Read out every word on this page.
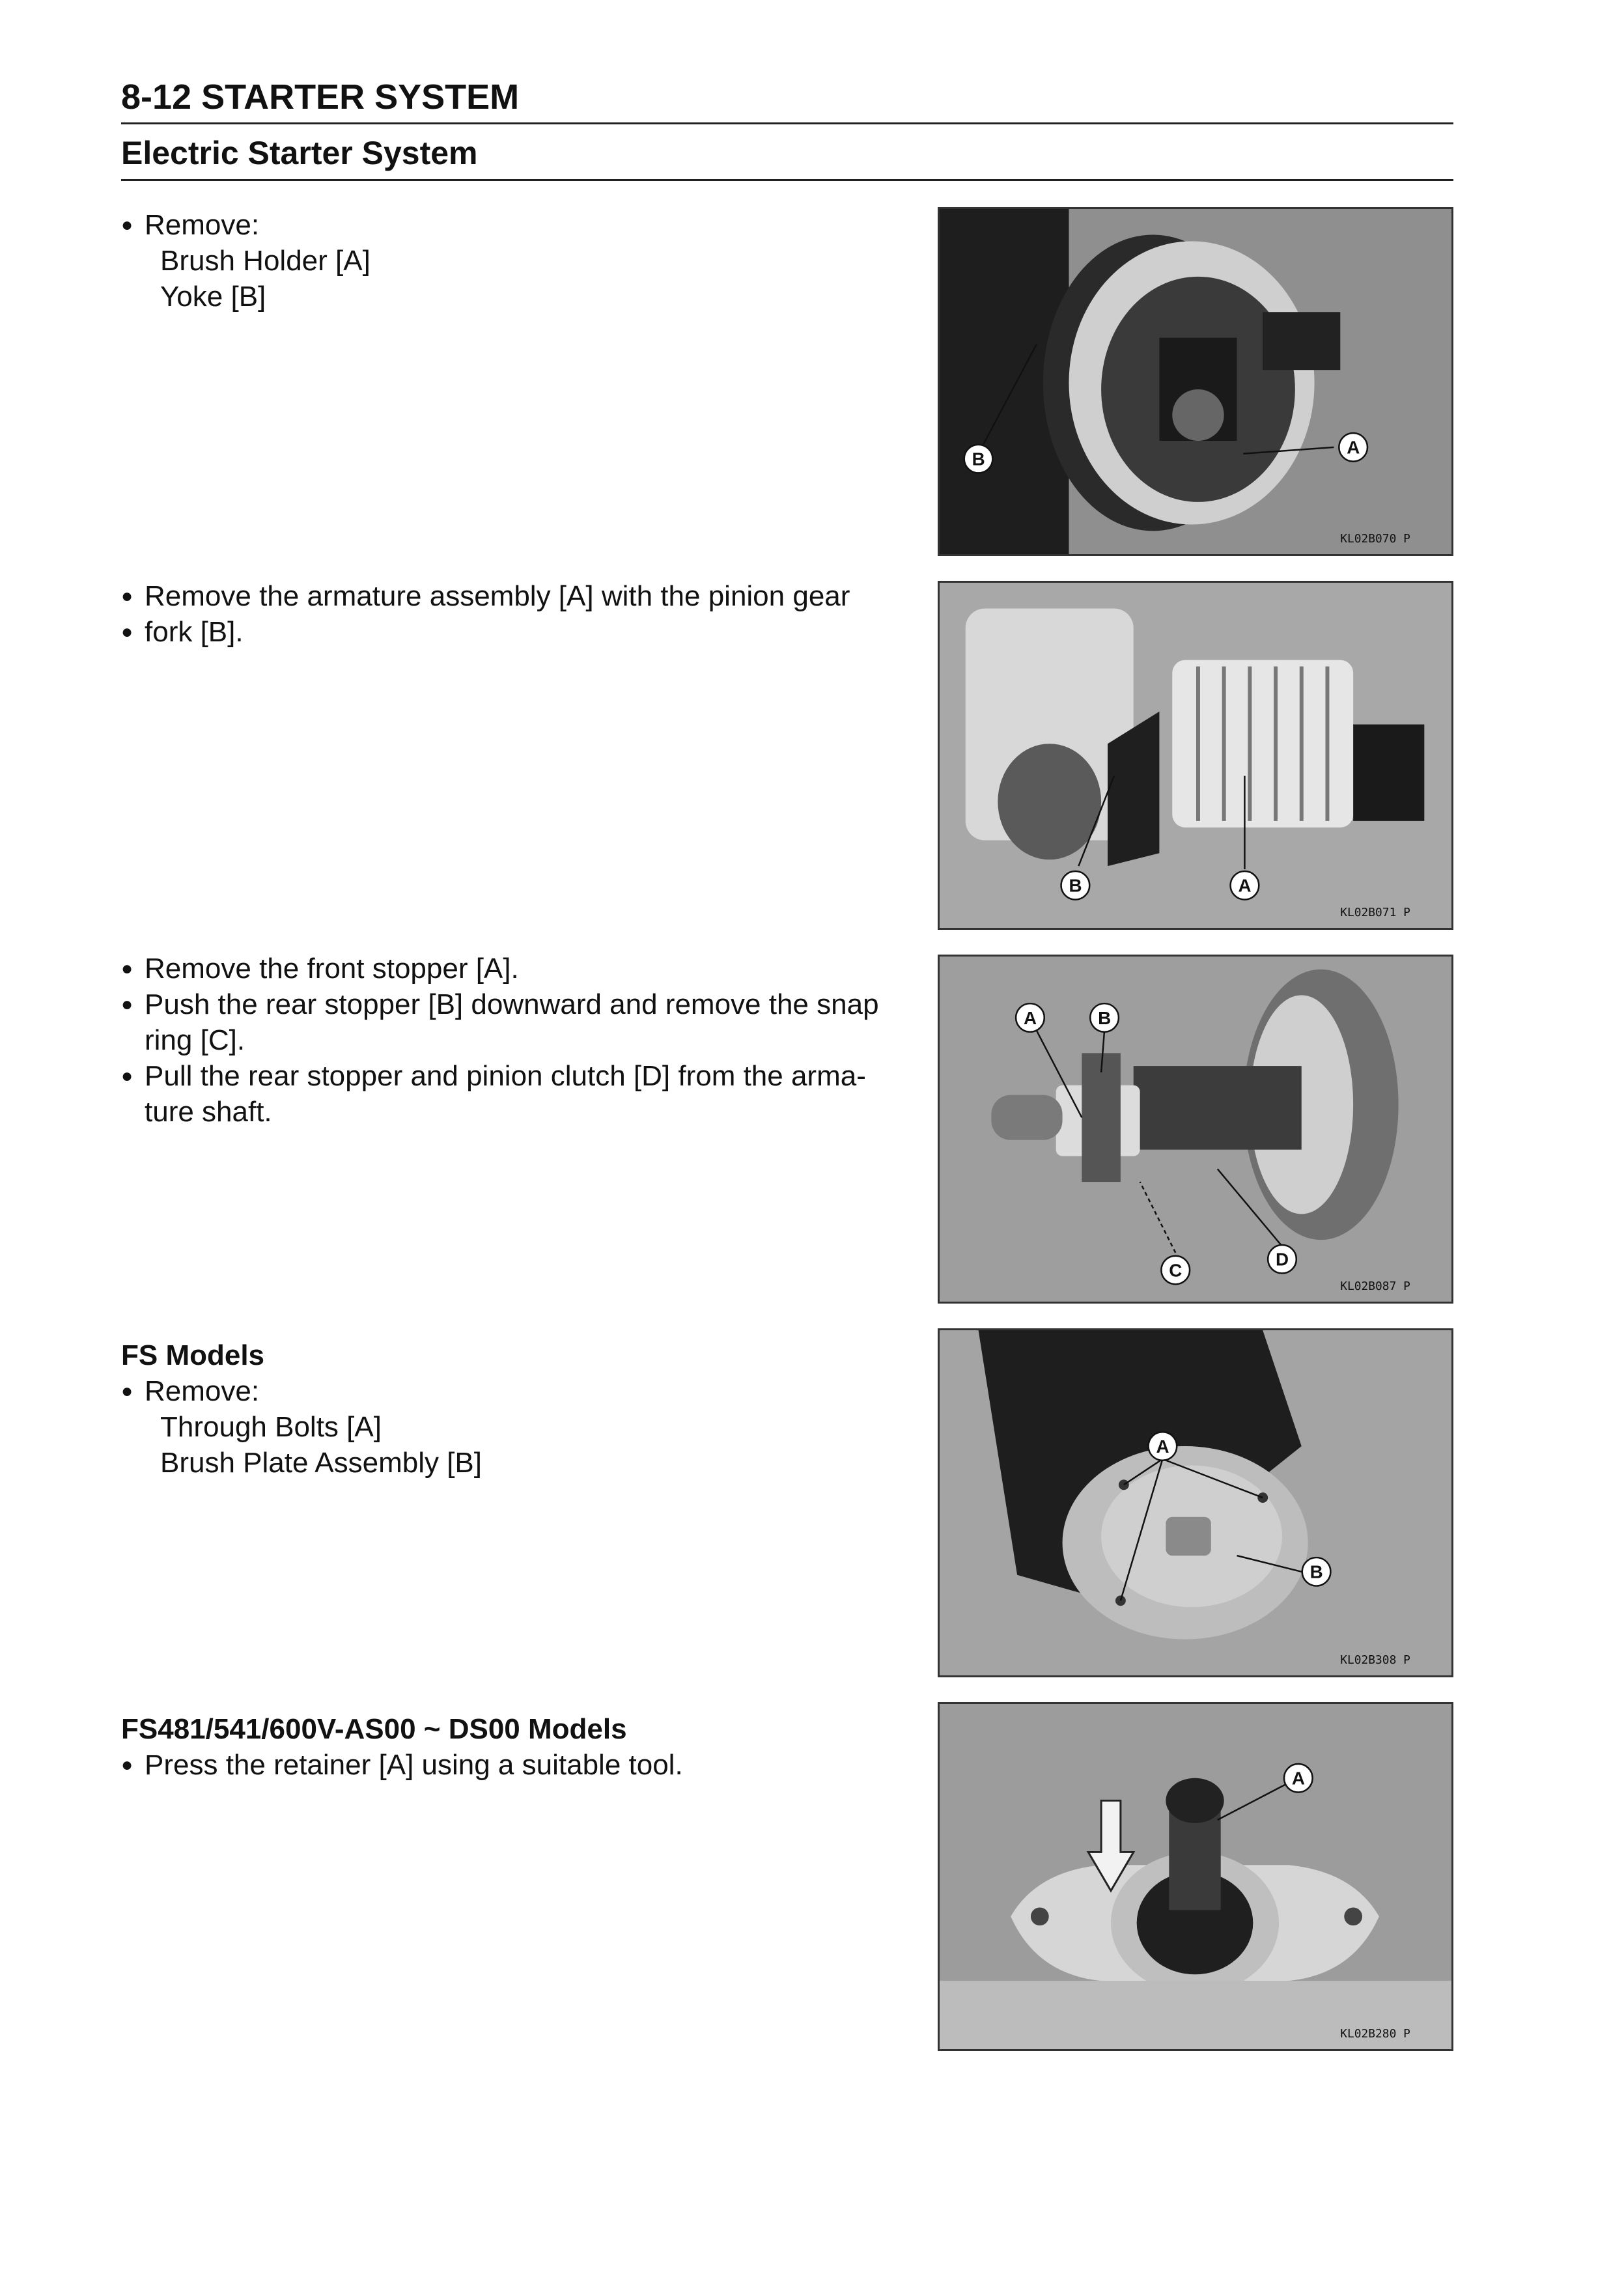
8-12 STARTER SYSTEM
Electric Starter System
● Remove:
Brush Holder [A]
Yoke [B]
KL02B070 P
B
A
● Remove the armature assembly [A] with the pinion gear
● fork [B].
KL02B071 P
B	A
● Remove the front stopper [A].
● Push the rear stopper [B] downward and remove the snap
ring [C].
● Pull the rear stopper and pinion clutch [D] from the arma-
ture shaft.
KL02B087 P
A	B
C
D
FS Models
● Remove:
Through Bolts [A]
Brush Plate Assembly [B]
KL02B308 P
A
B
FS481/541/600V-AS00 ~ DS00 Models
● Press the retainer [A] using a suitable tool.
KL02B280 P
A
